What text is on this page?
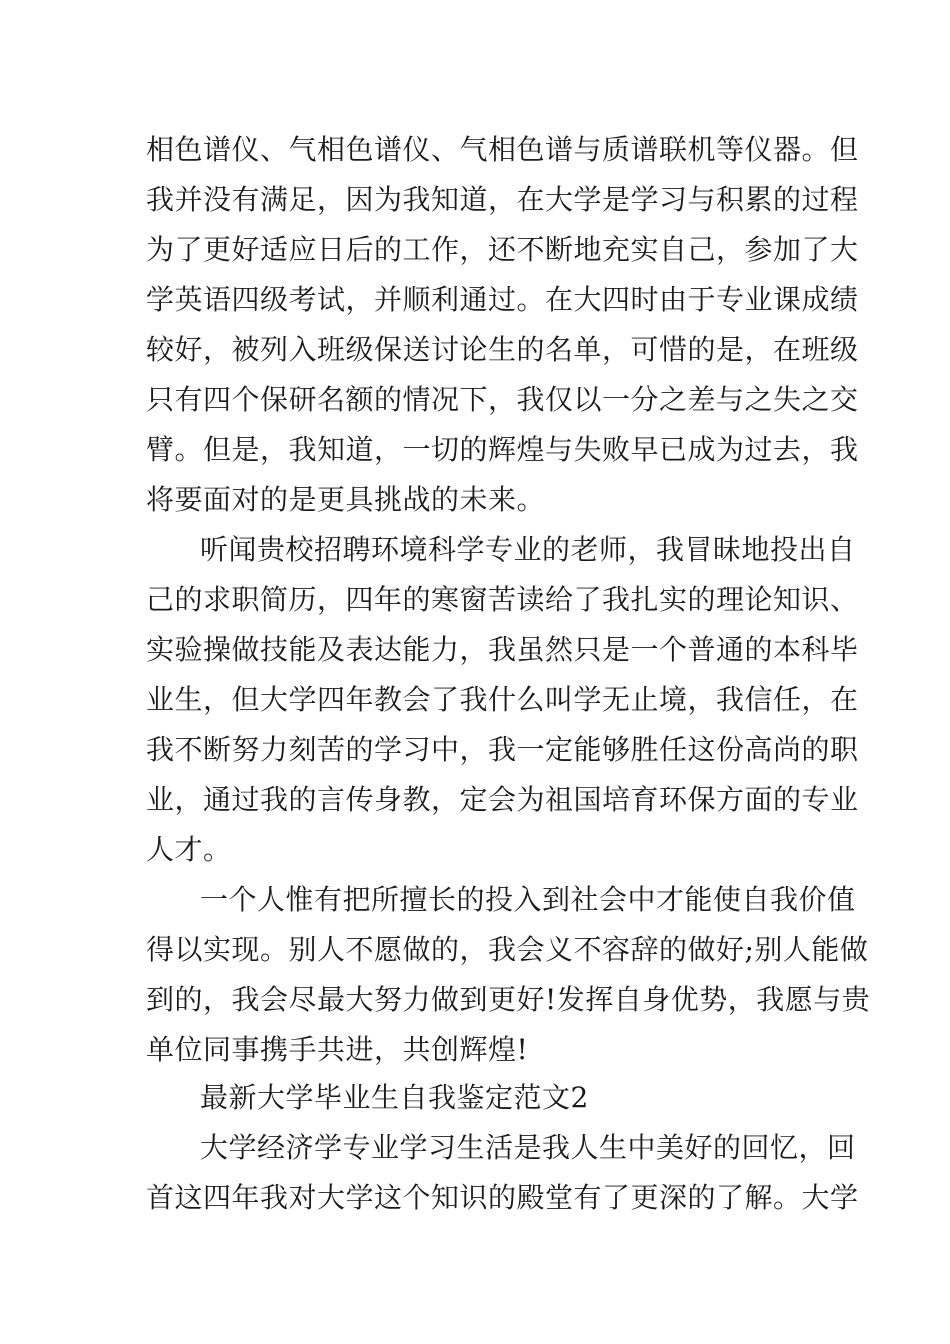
相色谱仪、气相色谱仪、气相色谱与质谱联机等仪器。但
我并没有满足，因为我知道，在大学是学习与积累的过程
为了更好适应日后的工作，还不断地充实自己，参加了大
学英语四级考试，并顺利通过。在大四时由于专业课成绩
较好，被列入班级保送讨论生的名单，可惜的是，在班级
只有四个保研名额的情况下，我仅以一分之差与之失之交
臂。但是，我知道，一切的辉煌与失败早已成为过去，我
将要面对的是更具挑战的未来。
听闻贵校招聘环境科学专业的老师，我冒昧地投出自
己的求职简历，四年的寒窗苦读给了我扎实的理论知识、
实验操做技能及表达能力，我虽然只是一个普通的本科毕
业生，但大学四年教会了我什么叫学无止境，我信任，在
我不断努力刻苦的学习中，我一定能够胜任这份高尚的职
业，通过我的言传身教，定会为祖国培育环保方面的专业
人才。
一个人惟有把所擅长的投入到社会中才能使自我价值
得以实现。别人不愿做的，我会义不容辞的做好;别人能做
到的，我会尽最大努力做到更好!发挥自身优势，我愿与贵
单位同事携手共进，共创辉煌!
最新大学毕业生自我鉴定范文2
大学经济学专业学习生活是我人生中美好的回忆，回
首这四年我对大学这个知识的殿堂有了更深的了解。大学
